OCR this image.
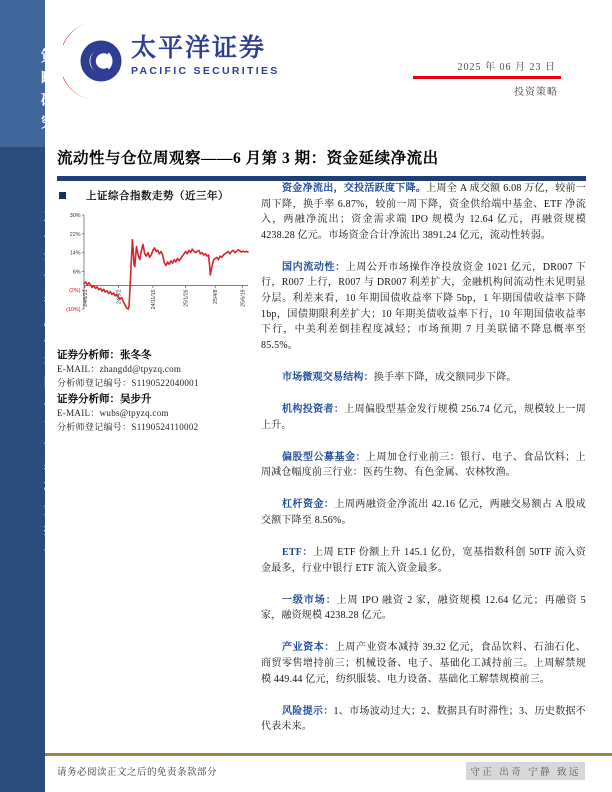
策略研究
太平洋证券股份有限公司证券研究报告
太平洋证券
PACIFIC SECURITIES	2025 年 06 月 23 日
投资策略
流动性与仓位周观察——6 月第 3 期：资金延续净流出
上证综合指数走势（近三年）
30%
22%
14%
6%
(2%)
(10%)
24/6/21	24/9/2	24/11/15	25/1/26	25/4/8	25/6/19
证券分析师：张冬冬
E-MAIL：zhangdd@tpyzq.com
分析师登记编号：S1190522040001
证券分析师：吴步升
E-MAIL：wubs@tpyzq.com
分析师登记编号：S1190524110002

资金净流出，交投活跃度下降。上周全 A 成交额 6.08 万亿，较前一周下降，换手率 6.87%，较前一周下降，资金供给端中基金、ETF 净流入，两融净流出；资金需求端 IPO 规模为 12.64 亿元，再融资规模 4238.28 亿元。市场资金合计净流出 3891.24 亿元，流动性转弱。

国内流动性：上周公开市场操作净投放资金 1021 亿元，DR007 下行，R007 上行，R007 与 DR007 利差扩大，金融机构间流动性未见明显分层。利差来看，10 年期国债收益率下降 5bp，1 年期国债收益率下降 1bp，国债期限利差扩大；10 年期美债收益率下行，10 年期国债收益率下行，中美利差倒挂程度减轻；市场预期 7 月美联储不降息概率至 85.5%。

市场微观交易结构：换手率下降，成交额同步下降。

机构投资者：上周偏股型基金发行规模 256.74 亿元，规模较上一周上升。

偏股型公募基金：上周加仓行业前三：银行、电子、食品饮料；上周减仓幅度前三行业：医药生物、有色金属、农林牧渔。

杠杆资金：上周两融资金净流出 42.16 亿元，两融交易额占 A 股成交额下降至 8.56%。

ETF：上周 ETF 份额上升 145.1 亿份，宽基指数科创 50TF 流入资金最多，行业中银行 ETF 流入资金最多。

一级市场：上周 IPO 融资 2 家，融资规模 12.64 亿元；再融资 5 家，融资规模 4238.28 亿元。

产业资本：上周产业资本减持 39.32 亿元，食品饮料、石油石化、商贸零售增持前三；机械设备、电子、基础化工减持前三。上周解禁规模 449.44 亿元，纺织服装、电力设备、基础化工解禁规模前三。

风险提示：1、市场波动过大；2、数据具有时滞性；3、历史数据不代表未来。

请务必阅读正文之后的免责条款部分	守正 出奇 宁静 致远
